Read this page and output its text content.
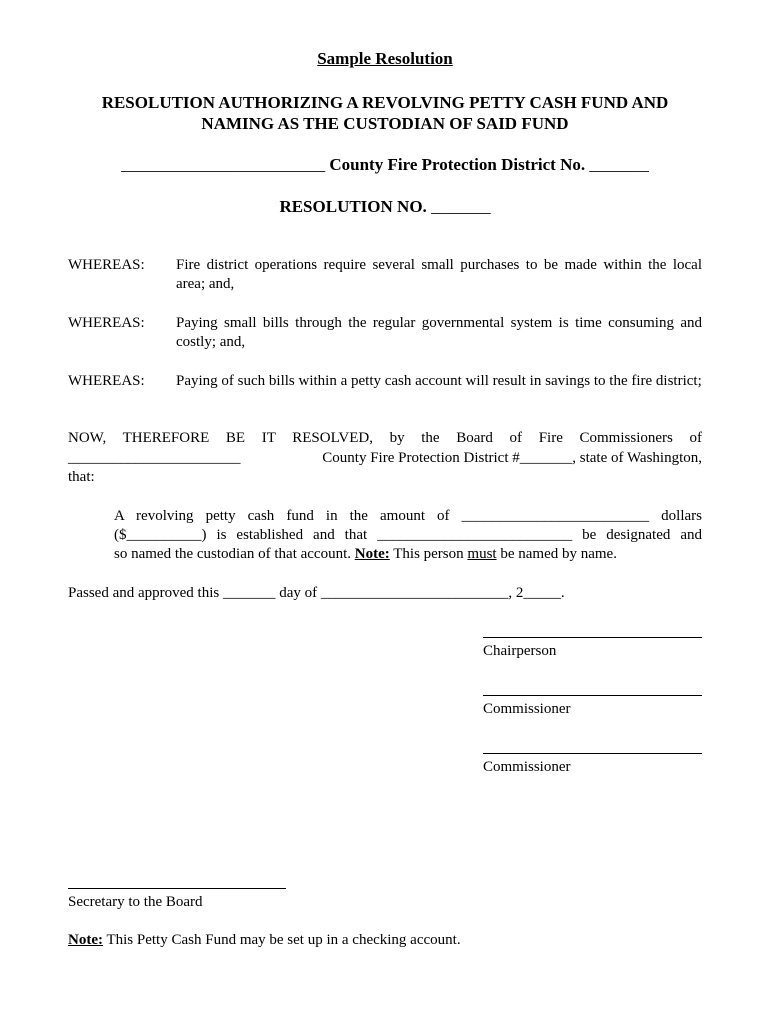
Sample Resolution
RESOLUTION AUTHORIZING A REVOLVING PETTY CASH FUND AND
NAMING AS THE CUSTODIAN OF SAID FUND
________________________ County Fire Protection District No. _______
RESOLUTION NO. _______
WHEREAS: Fire district operations require several small purchases to be made within the local area; and,
WHEREAS: Paying small bills through the regular governmental system is time consuming and costly; and,
WHEREAS: Paying of such bills within a petty cash account will result in savings to the fire district;
NOW, THEREFORE BE IT RESOLVED, by the Board of Fire Commissioners of
_______________________	County Fire Protection District #_______, state of Washington,
that:
A revolving petty cash fund in the amount of _________________________ dollars
($__________) is established and that __________________________ be designated and
so named the custodian of that account. Note: This person must be named by name.
Passed and approved this _______ day of _________________________, 2_____.
Chairperson
Commissioner
Commissioner
Secretary to the Board
Note: This Petty Cash Fund may be set up in a checking account.
